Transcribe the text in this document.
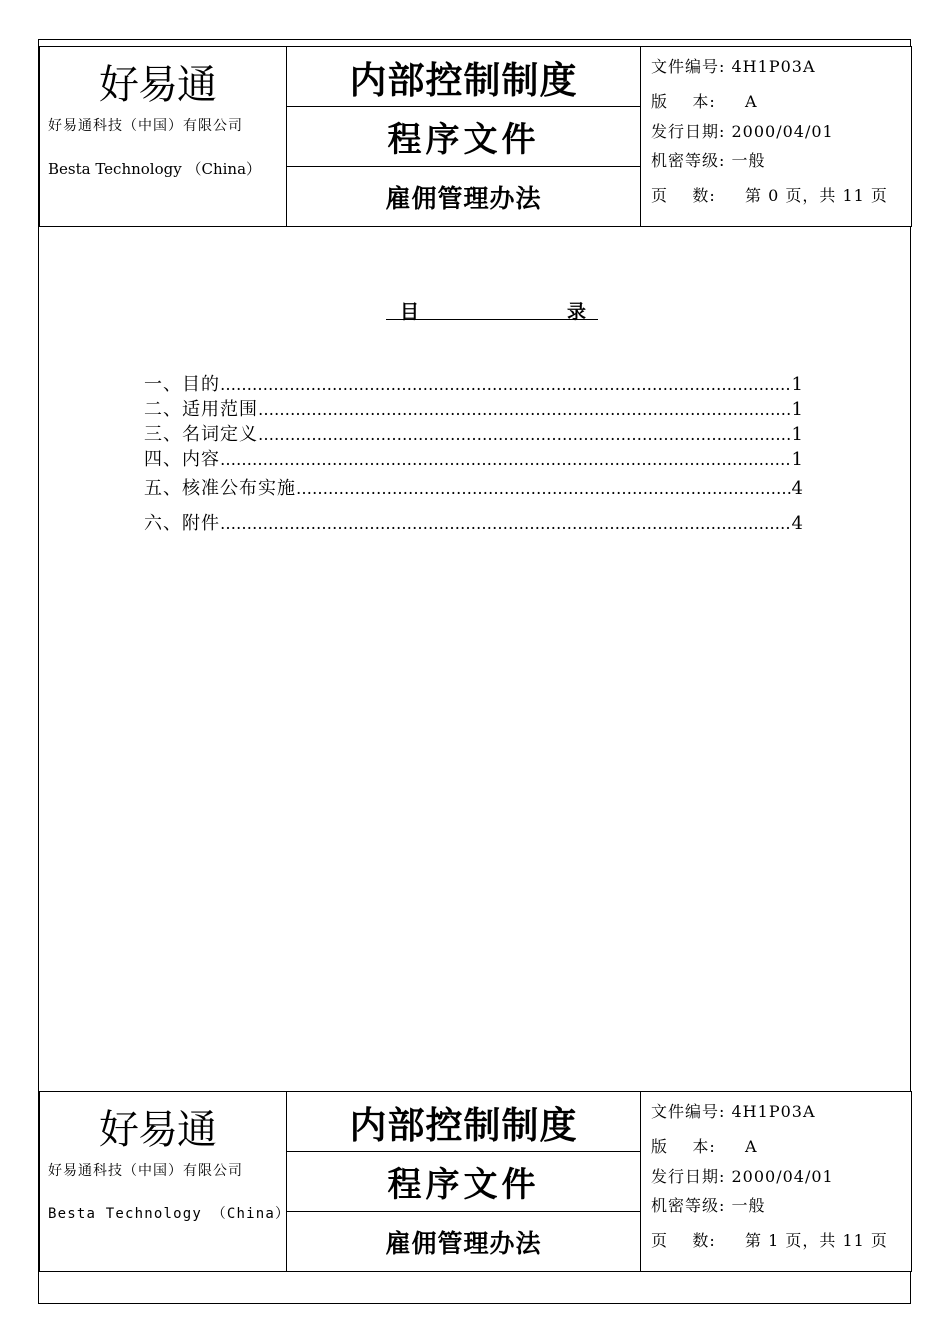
好易通
好易通科技（中国）有限公司
Besta Technology （China）
内部控制制度
程序文件
雇佣管理办法
文件编号: 4H1P03A
版    本: A
发行日期: 2000/04/01
机密等级: 一般
页    数: 第 0 页，共 11 页
目	录
一、目的 ……………………………………………………………………………………………………………………………………	1
二、适用范围 ……………………………………………………………………………………………………………………………………	1
三、名词定义 ……………………………………………………………………………………………………………………………………	1
四、内容 ……………………………………………………………………………………………………………………………………	1
五、核准公布实施 ……………………………………………………………………………………………………………………………………	4
六、附件 ……………………………………………………………………………………………………………………………………	4
好易通
好易通科技（中国）有限公司
Besta Technology （China）
内部控制制度
程序文件
雇佣管理办法
文件编号: 4H1P03A
版    本: A
发行日期: 2000/04/01
机密等级: 一般
页    数: 第 1 页，共 11 页
